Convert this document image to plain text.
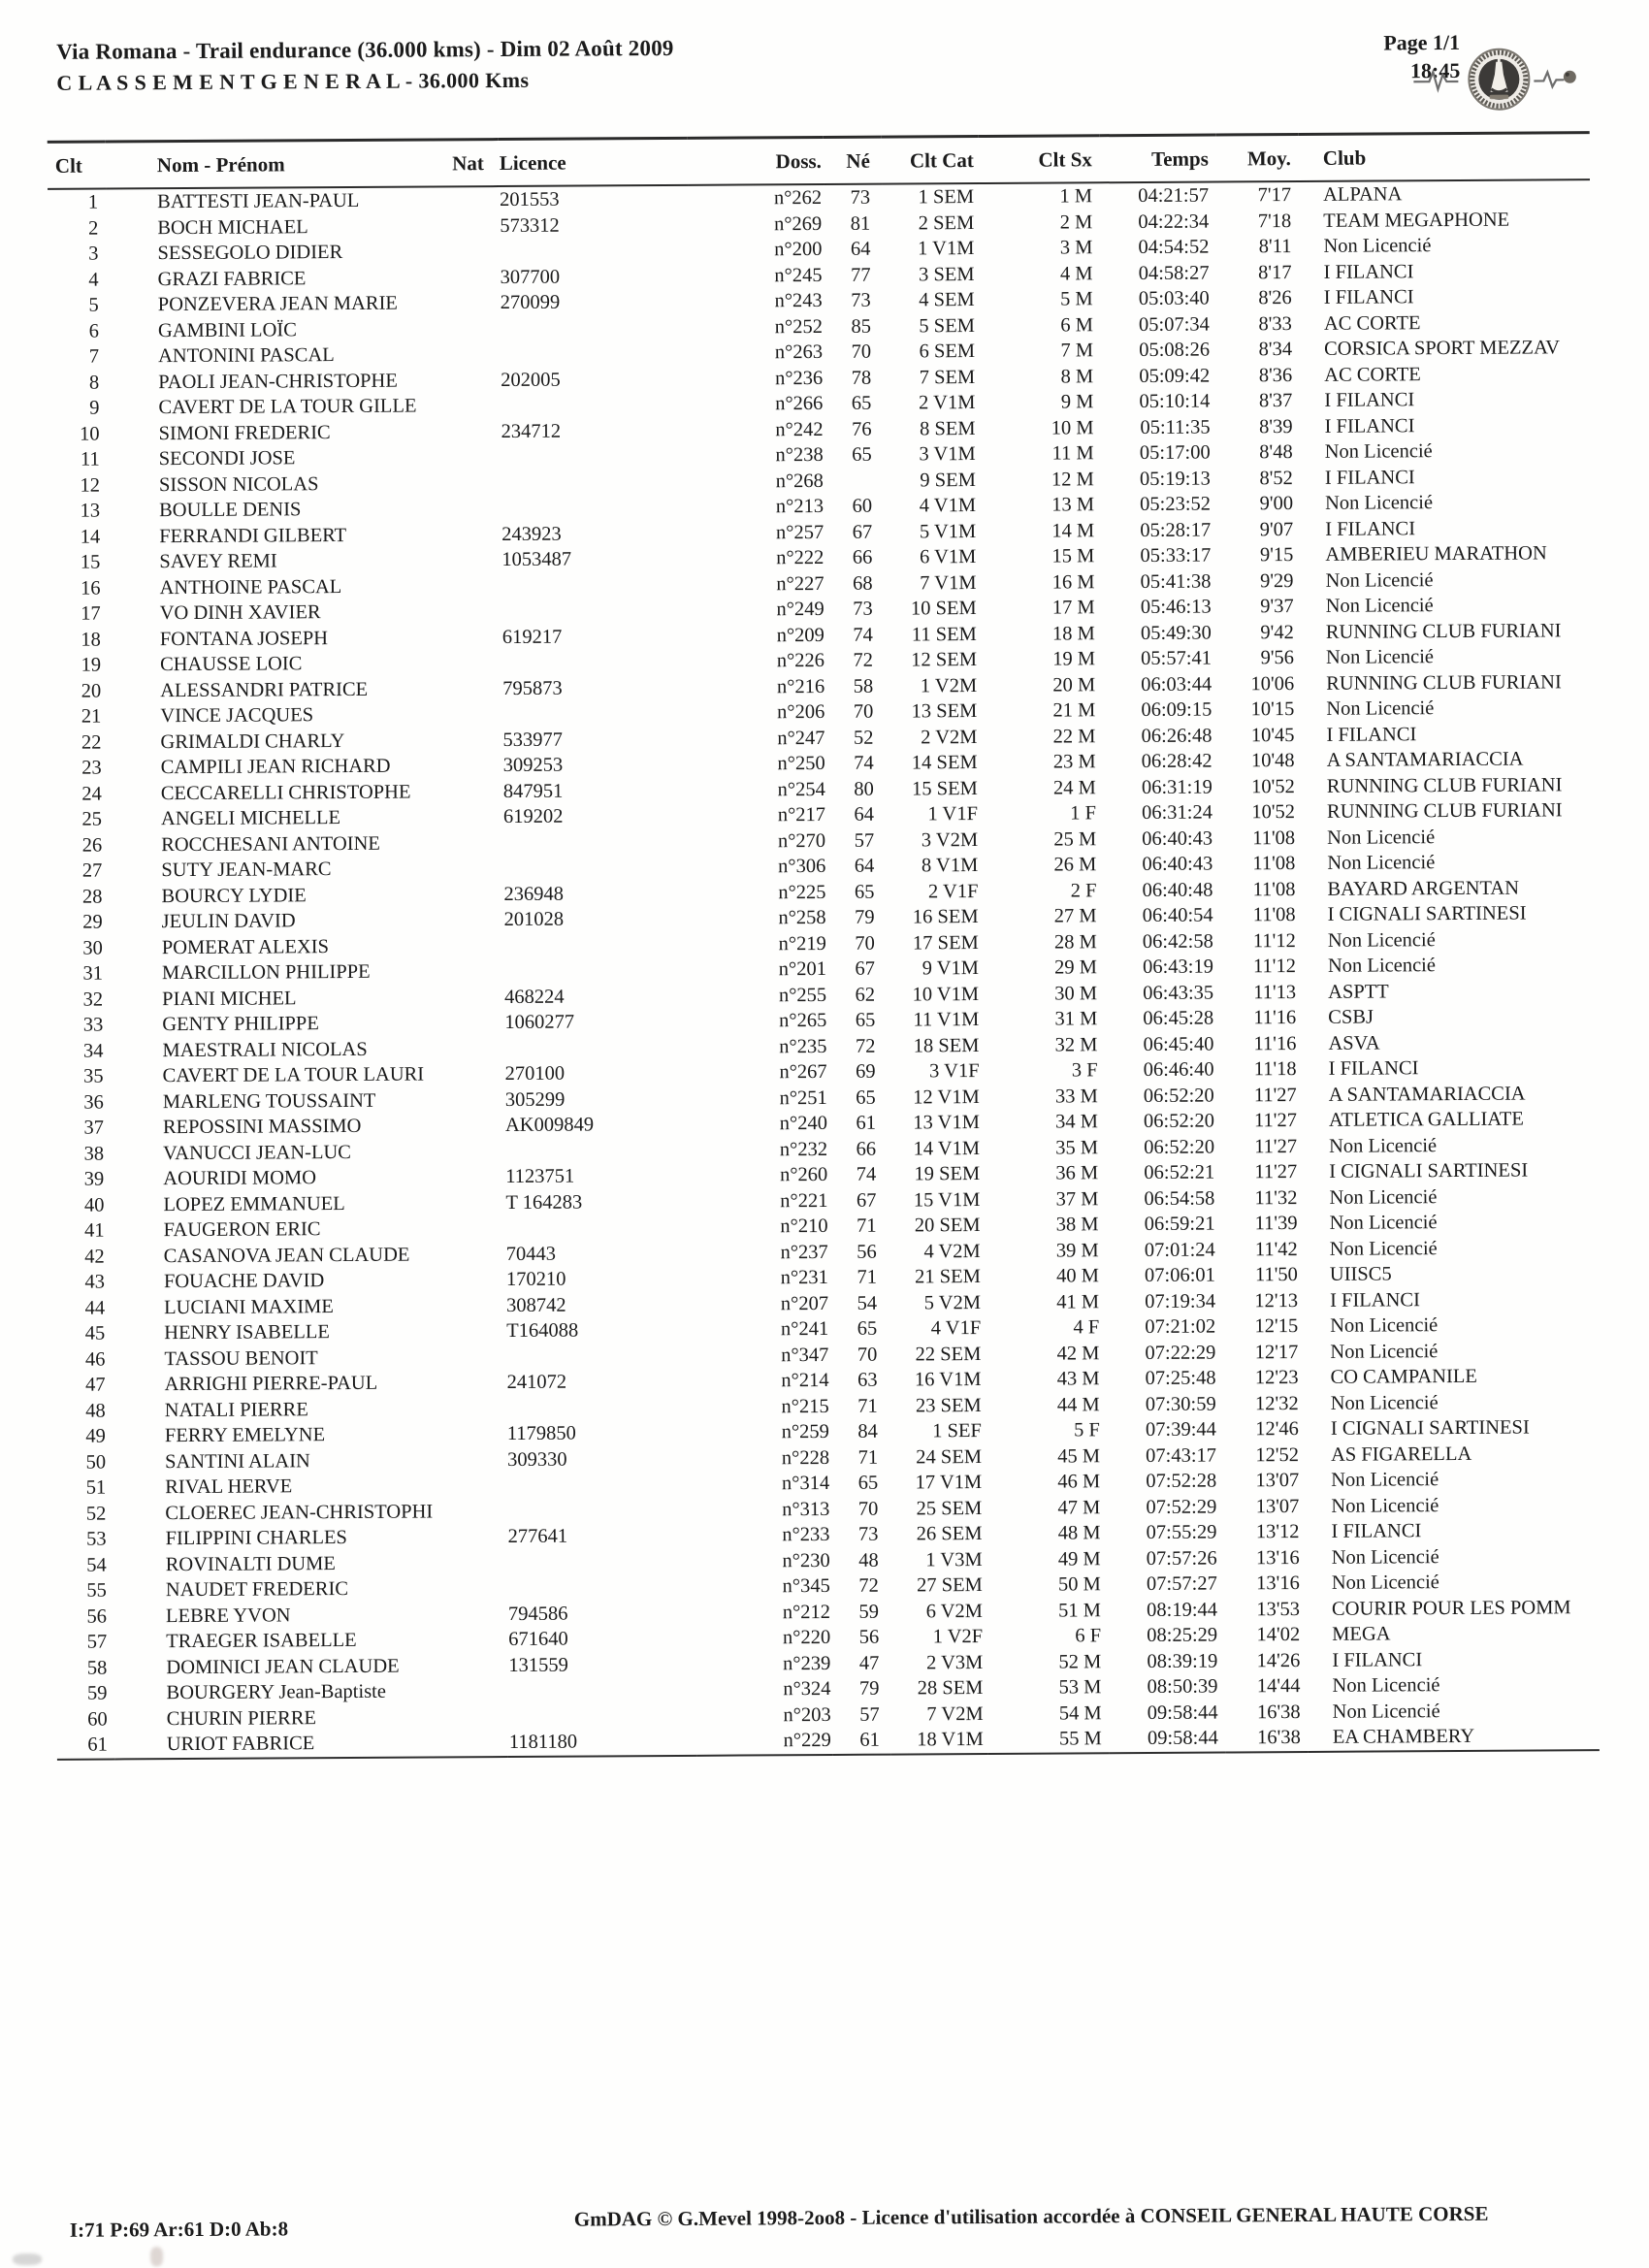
Via Romana - Trail endurance (36.000 kms) - Dim 02 Août 2009
C L A S S E M E N T G E N E R A L - 36.000 Kms
Page 1/1
18:45
Clt	Nom - Prénom Nat	Licence	Doss.	Né	Clt Cat	Clt Sx	Temps	Moy.	Club
1	BATTESTI JEAN-PAUL	201553	n°262	73	1 SEM	1 M	04:21:57	7'17	ALPANA
2	BOCH MICHAEL	573312	n°269	81	2 SEM	2 M	04:22:34	7'18	TEAM MEGAPHONE
3	SESSEGOLO DIDIER		n°200	64	1 V1M	3 M	04:54:52	8'11	Non Licencié
4	GRAZI FABRICE	307700	n°245	77	3 SEM	4 M	04:58:27	8'17	I FILANCI
5	PONZEVERA JEAN MARIE	270099	n°243	73	4 SEM	5 M	05:03:40	8'26	I FILANCI
6	GAMBINI LOÏC		n°252	85	5 SEM	6 M	05:07:34	8'33	AC CORTE
7	ANTONINI PASCAL		n°263	70	6 SEM	7 M	05:08:26	8'34	CORSICA SPORT MEZZAV
8	PAOLI JEAN-CHRISTOPHE	202005	n°236	78	7 SEM	8 M	05:09:42	8'36	AC CORTE
9	CAVERT DE LA TOUR GILLE		n°266	65	2 V1M	9 M	05:10:14	8'37	I FILANCI
10	SIMONI FREDERIC	234712	n°242	76	8 SEM	10 M	05:11:35	8'39	I FILANCI
11	SECONDI JOSE		n°238	65	3 V1M	11 M	05:17:00	8'48	Non Licencié
12	SISSON NICOLAS		n°268		9 SEM	12 M	05:19:13	8'52	I FILANCI
13	BOULLE DENIS		n°213	60	4 V1M	13 M	05:23:52	9'00	Non Licencié
14	FERRANDI GILBERT	243923	n°257	67	5 V1M	14 M	05:28:17	9'07	I FILANCI
15	SAVEY REMI	1053487	n°222	66	6 V1M	15 M	05:33:17	9'15	AMBERIEU MARATHON
16	ANTHOINE PASCAL		n°227	68	7 V1M	16 M	05:41:38	9'29	Non Licencié
17	VO DINH XAVIER		n°249	73	10 SEM	17 M	05:46:13	9'37	Non Licencié
18	FONTANA JOSEPH	619217	n°209	74	11 SEM	18 M	05:49:30	9'42	RUNNING CLUB FURIANI
19	CHAUSSE LOIC		n°226	72	12 SEM	19 M	05:57:41	9'56	Non Licencié
20	ALESSANDRI PATRICE	795873	n°216	58	1 V2M	20 M	06:03:44	10'06	RUNNING CLUB FURIANI
21	VINCE JACQUES		n°206	70	13 SEM	21 M	06:09:15	10'15	Non Licencié
22	GRIMALDI CHARLY	533977	n°247	52	2 V2M	22 M	06:26:48	10'45	I FILANCI
23	CAMPILI JEAN RICHARD	309253	n°250	74	14 SEM	23 M	06:28:42	10'48	A SANTAMARIACCIA
24	CECCARELLI CHRISTOPHE	847951	n°254	80	15 SEM	24 M	06:31:19	10'52	RUNNING CLUB FURIANI
25	ANGELI MICHELLE	619202	n°217	64	1 V1F	1 F	06:31:24	10'52	RUNNING CLUB FURIANI
26	ROCCHESANI ANTOINE		n°270	57	3 V2M	25 M	06:40:43	11'08	Non Licencié
27	SUTY JEAN-MARC		n°306	64	8 V1M	26 M	06:40:43	11'08	Non Licencié
28	BOURCY LYDIE	236948	n°225	65	2 V1F	2 F	06:40:48	11'08	BAYARD ARGENTAN
29	JEULIN DAVID	201028	n°258	79	16 SEM	27 M	06:40:54	11'08	I CIGNALI SARTINESI
30	POMERAT ALEXIS		n°219	70	17 SEM	28 M	06:42:58	11'12	Non Licencié
31	MARCILLON PHILIPPE		n°201	67	9 V1M	29 M	06:43:19	11'12	Non Licencié
32	PIANI MICHEL	468224	n°255	62	10 V1M	30 M	06:43:35	11'13	ASPTT
33	GENTY PHILIPPE	1060277	n°265	65	11 V1M	31 M	06:45:28	11'16	CSBJ
34	MAESTRALI NICOLAS		n°235	72	18 SEM	32 M	06:45:40	11'16	ASVA
35	CAVERT DE LA TOUR LAURI	270100	n°267	69	3 V1F	3 F	06:46:40	11'18	I FILANCI
36	MARLENG TOUSSAINT	305299	n°251	65	12 V1M	33 M	06:52:20	11'27	A SANTAMARIACCIA
37	REPOSSINI MASSIMO	AK009849	n°240	61	13 V1M	34 M	06:52:20	11'27	ATLETICA GALLIATE
38	VANUCCI JEAN-LUC		n°232	66	14 V1M	35 M	06:52:20	11'27	Non Licencié
39	AOURIDI MOMO	1123751	n°260	74	19 SEM	36 M	06:52:21	11'27	I CIGNALI SARTINESI
40	LOPEZ EMMANUEL	T 164283	n°221	67	15 V1M	37 M	06:54:58	11'32	Non Licencié
41	FAUGERON ERIC		n°210	71	20 SEM	38 M	06:59:21	11'39	Non Licencié
42	CASANOVA JEAN CLAUDE	70443	n°237	56	4 V2M	39 M	07:01:24	11'42	Non Licencié
43	FOUACHE DAVID	170210	n°231	71	21 SEM	40 M	07:06:01	11'50	UIISC5
44	LUCIANI MAXIME	308742	n°207	54	5 V2M	41 M	07:19:34	12'13	I FILANCI
45	HENRY ISABELLE	T164088	n°241	65	4 V1F	4 F	07:21:02	12'15	Non Licencié
46	TASSOU BENOIT		n°347	70	22 SEM	42 M	07:22:29	12'17	Non Licencié
47	ARRIGHI PIERRE-PAUL	241072	n°214	63	16 V1M	43 M	07:25:48	12'23	CO CAMPANILE
48	NATALI PIERRE		n°215	71	23 SEM	44 M	07:30:59	12'32	Non Licencié
49	FERRY EMELYNE	1179850	n°259	84	1 SEF	5 F	07:39:44	12'46	I CIGNALI SARTINESI
50	SANTINI ALAIN	309330	n°228	71	24 SEM	45 M	07:43:17	12'52	AS FIGARELLA
51	RIVAL HERVE		n°314	65	17 V1M	46 M	07:52:28	13'07	Non Licencié
52	CLOEREC JEAN-CHRISTOPHI		n°313	70	25 SEM	47 M	07:52:29	13'07	Non Licencié
53	FILIPPINI CHARLES	277641	n°233	73	26 SEM	48 M	07:55:29	13'12	I FILANCI
54	ROVINALTI DUME		n°230	48	1 V3M	49 M	07:57:26	13'16	Non Licencié
55	NAUDET FREDERIC		n°345	72	27 SEM	50 M	07:57:27	13'16	Non Licencié
56	LEBRE YVON	794586	n°212	59	6 V2M	51 M	08:19:44	13'53	COURIR POUR LES POMM
57	TRAEGER ISABELLE	671640	n°220	56	1 V2F	6 F	08:25:29	14'02	MEGA
58	DOMINICI JEAN CLAUDE	131559	n°239	47	2 V3M	52 M	08:39:19	14'26	I FILANCI
59	BOURGERY Jean-Baptiste		n°324	79	28 SEM	53 M	08:50:39	14'44	Non Licencié
60	CHURIN PIERRE		n°203	57	7 V2M	54 M	09:58:44	16'38	Non Licencié
61	URIOT FABRICE	1181180	n°229	61	18 V1M	55 M	09:58:44	16'38	EA CHAMBERY
I:71 P:69 Ar:61 D:0 Ab:8	GmDAG © G.Mevel 1998-2oo8 - Licence d'utilisation accordée à CONSEIL GENERAL HAUTE CORSE
